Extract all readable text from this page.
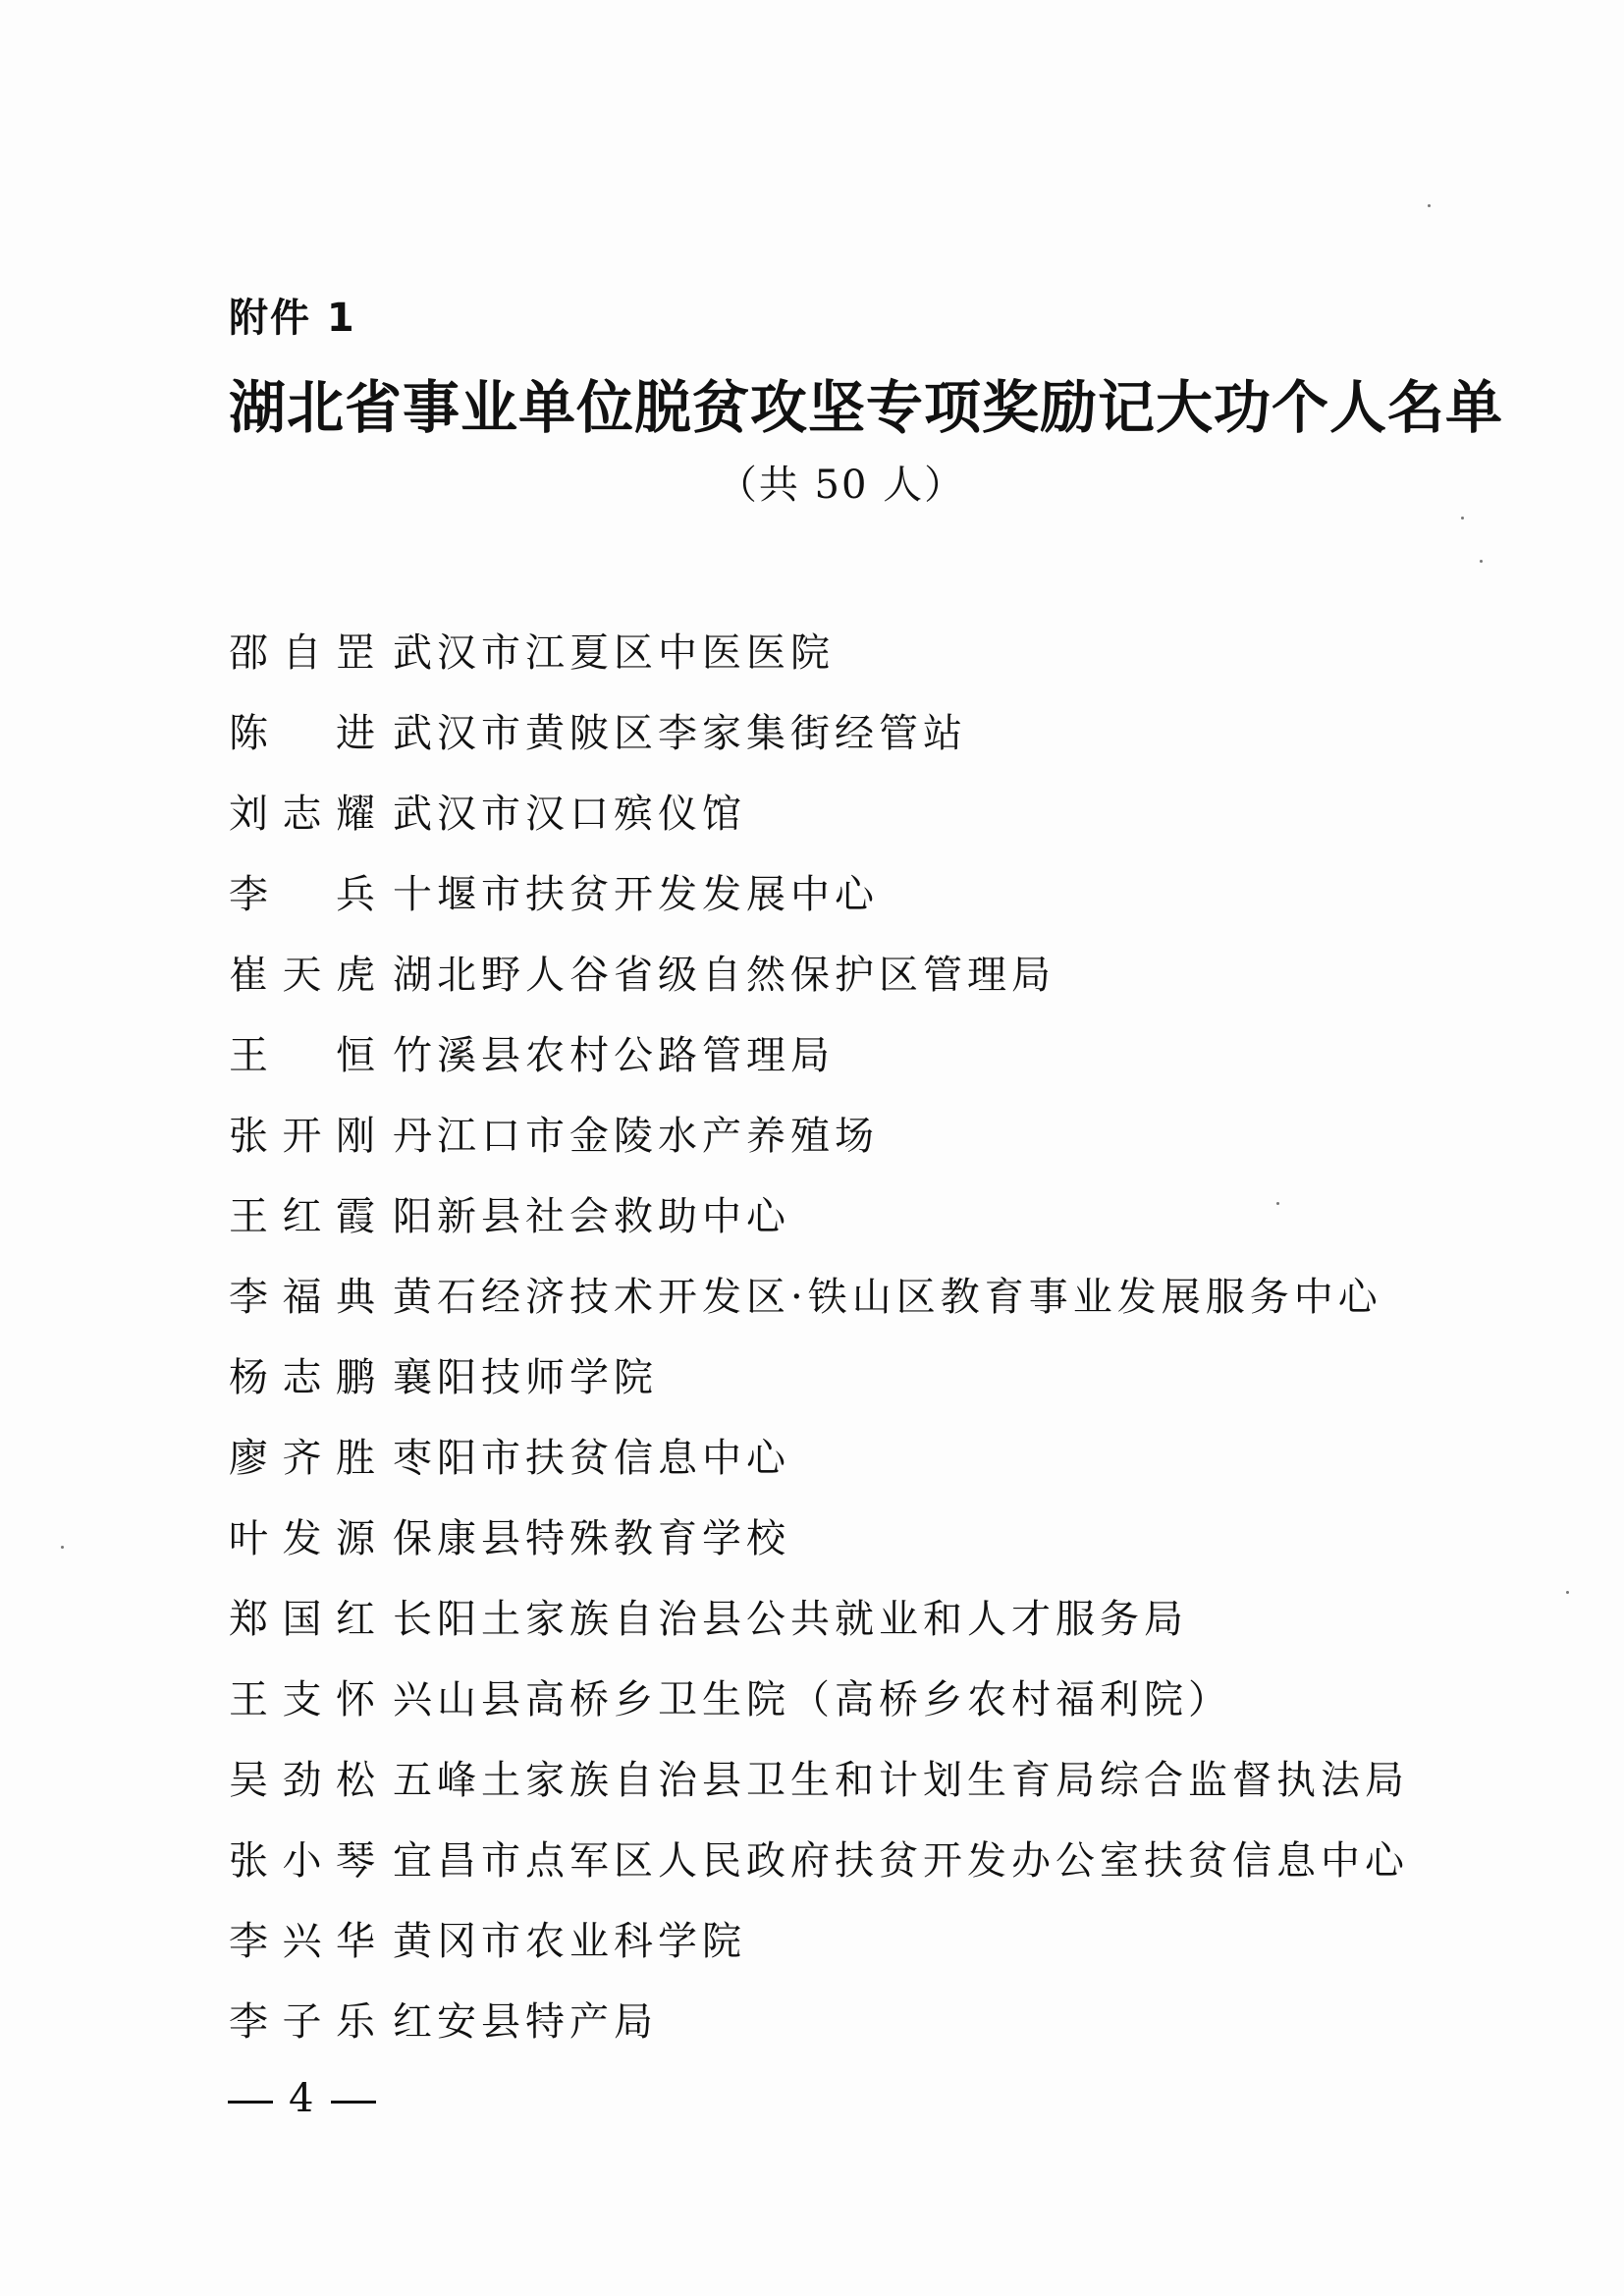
附件 1
湖北省事业单位脱贫攻坚专项奖励记大功个人名单
（共 50 人）
邵自罡 武汉市江夏区中医医院
陈进 武汉市黄陂区李家集街经管站
刘志耀 武汉市汉口殡仪馆
李兵 十堰市扶贫开发发展中心
崔天虎 湖北野人谷省级自然保护区管理局
王恒 竹溪县农村公路管理局
张开刚 丹江口市金陵水产养殖场
王红霞 阳新县社会救助中心
李福典 黄石经济技术开发区·铁山区教育事业发展服务中心
杨志鹏 襄阳技师学院
廖齐胜 枣阳市扶贫信息中心
叶发源 保康县特殊教育学校
郑国红 长阳土家族自治县公共就业和人才服务局
王支怀 兴山县高桥乡卫生院（高桥乡农村福利院）
吴劲松 五峰土家族自治县卫生和计划生育局综合监督执法局
张小琴 宜昌市点军区人民政府扶贫开发办公室扶贫信息中心
李兴华 黄冈市农业科学院
李子乐 红安县特产局
4
